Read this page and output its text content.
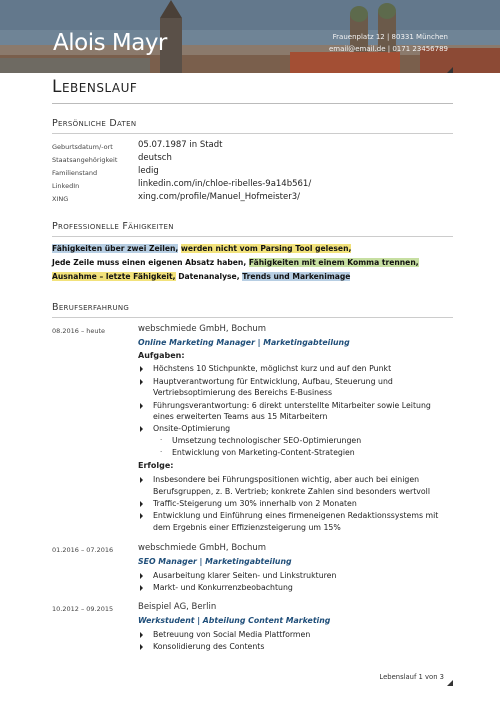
Alois Mayr	Frauenplatz 12 | 80331 München
email@email.de | 0171 23456789
Lebenslauf
Persönliche Daten
Geburtsdatum/-ort	05.07.1987 in Stadt
Staatsangehörigkeit deutsch
Familienstand	ledig
LinkedIn	linkedin.com/in/chloe-ribelles-9a14b561/
XING	xing.com/profile/Manuel_Hofmeister3/
Professionelle Fähigkeiten
Fähigkeiten über zwei Zeilen, werden nicht vom Parsing Tool gelesen,
Jede Zeile muss einen eigenen Absatz haben, Fähigkeiten mit einem Komma trennen,
Ausnahme – letzte Fähigkeit, Datenanalyse, Trends und Markenimage
Berufserfahrung
08.2016 – heute	webschmiede GmbH, Bochum
Online Marketing Manager | Marketingabteilung
Aufgaben:
Höchstens 10 Stichpunkte, möglichst kurz und auf den Punkt
Hauptverantwortung für Entwicklung, Aufbau, Steuerung und
Vertriebsoptimierung des Bereichs E-Business
Führungsverantwortung: 6 direkt unterstellte Mitarbeiter sowie Leitung
eines erweiterten Teams aus 15 Mitarbeitern
Onsite-Optimierung
· Umsetzung technologischer SEO-Optimierungen
· Entwicklung von Marketing-Content-Strategien
Erfolge:
Insbesondere bei Führungspositionen wichtig, aber auch bei einigen
Berufsgruppen, z. B. Vertrieb; konkrete Zahlen sind besonders wertvoll
Traffic-Steigerung um 30% innerhalb von 2 Monaten
Entwicklung und Einführung eines firmeneigenen Redaktionssystems mit
dem Ergebnis einer Effizienzsteigerung um 15%
01.2016 – 07.2016	webschmiede GmbH, Bochum
SEO Manager | Marketingabteilung
Ausarbeitung klarer Seiten- und Linkstrukturen
Markt- und Konkurrenzbeobachtung
10.2012 – 09.2015	Beispiel AG, Berlin
Werkstudent | Abteilung Content Marketing
Betreuung von Social Media Plattformen
Konsolidierung des Contents
Lebenslauf 1 von 3
